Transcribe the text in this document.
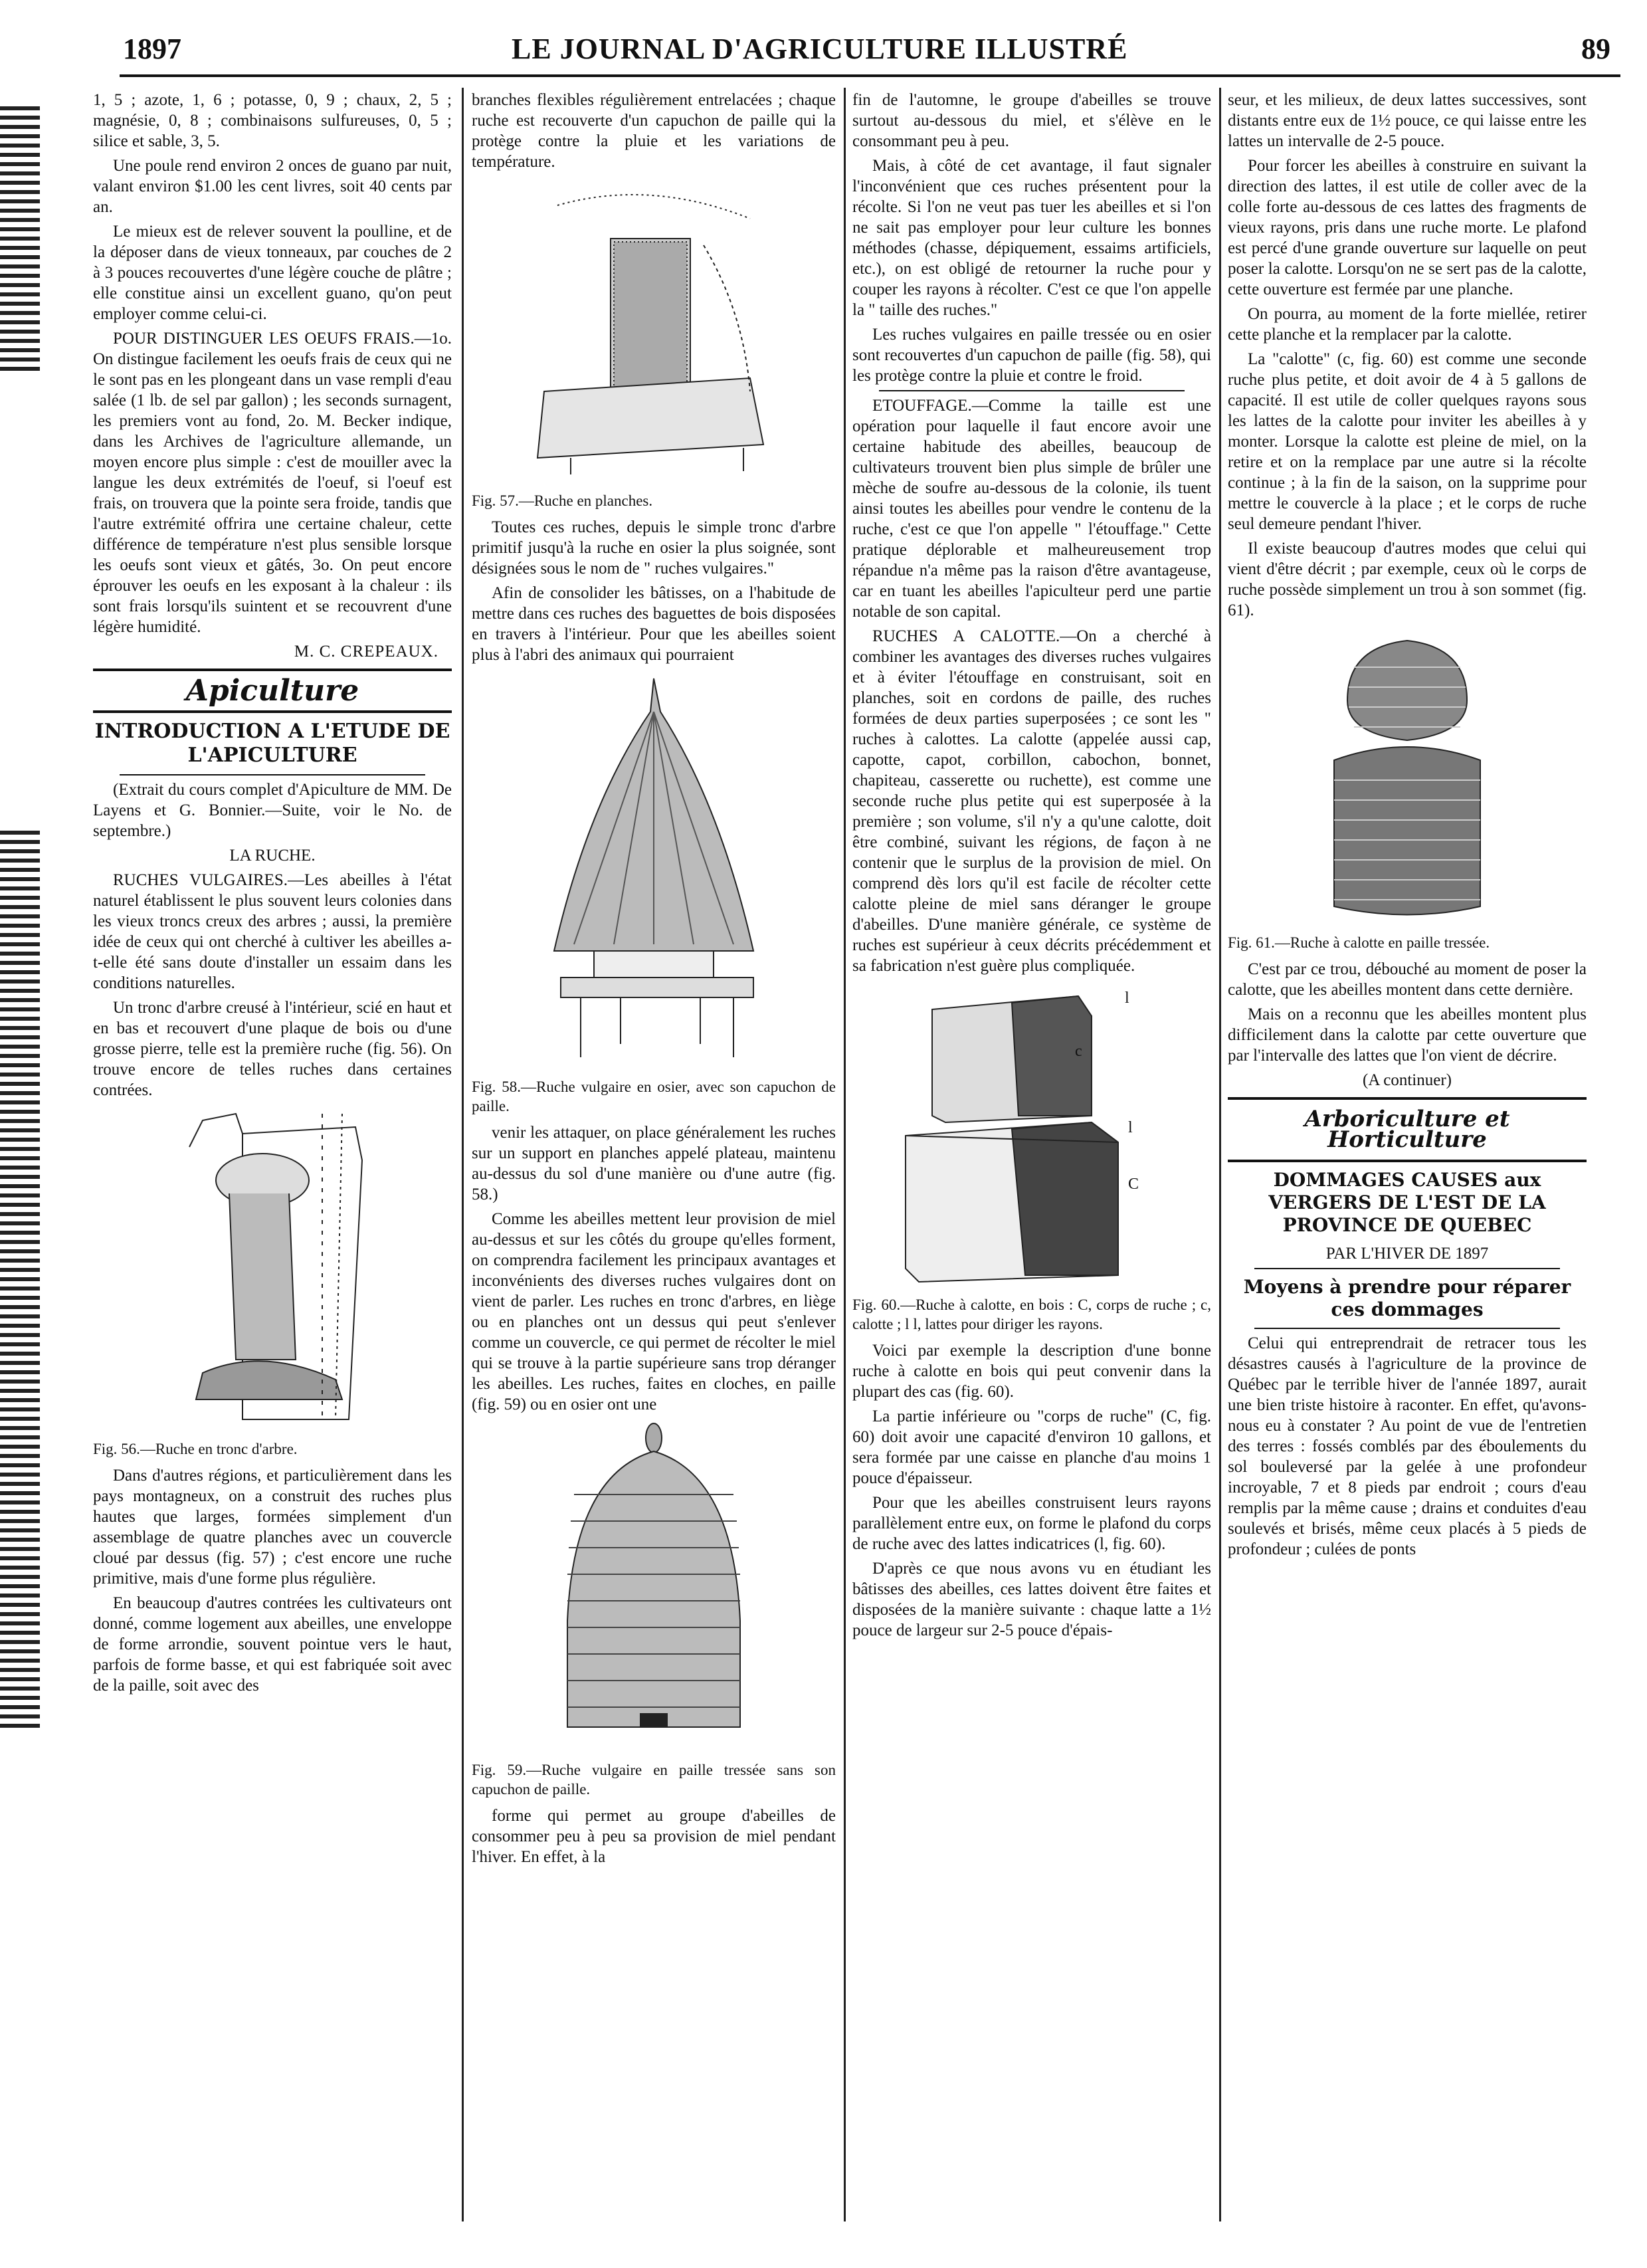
1897	LE JOURNAL D'AGRICULTURE ILLUSTRÉ	89

1, 5 ; azote, 1, 6 ; potasse, 0, 9 ; chaux, 2, 5 ; magnésie, 0, 8 ; combinaisons sulfureuses, 0, 5 ; silice et sable, 3, 5.

Une poule rend environ 2 onces de guano par nuit, valant environ $1.00 les cent livres, soit 40 cents par an.

Le mieux est de relever souvent la poulline, et de la déposer dans de vieux tonneaux, par couches de 2 à 3 pouces recouvertes d'une légère couche de plâtre ; elle constitue ainsi un excellent guano, qu'on peut employer comme celui-ci.

POUR DISTINGUER LES OEUFS FRAIS.—1o. On distingue facilement les oeufs frais de ceux qui ne le sont pas en les plongeant dans un vase rempli d'eau salée (1 lb. de sel par gallon) ; les seconds surnagent, les premiers vont au fond, 2o. M. Becker indique, dans les Archives de l'agriculture allemande, un moyen encore plus simple : c'est de mouiller avec la langue les deux extrémités de l'oeuf, si l'oeuf est frais, on trouvera que la pointe sera froide, tandis que l'autre extrémité offrira une certaine chaleur, cette différence de température n'est plus sensible lorsque les oeufs sont vieux et gâtés, 3o. On peut encore éprouver les oeufs en les exposant à la chaleur : ils sont frais lorsqu'ils suintent et se recouvrent d'une légère humidité.

M. C. CREPEAUX.

Apiculture
INTRODUCTION A L'ETUDE DE L'APICULTURE

(Extrait du cours complet d'Apiculture de MM. De Layens et G. Bonnier.—Suite, voir le No. de septembre.)

LA RUCHE.

RUCHES VULGAIRES.—Les abeilles à l'état naturel établissent le plus souvent leurs colonies dans les vieux troncs creux des arbres ; aussi, la première idée de ceux qui ont cherché à cultiver les abeilles a-t-elle été sans doute d'installer un essaim dans les conditions naturelles.

Un tronc d'arbre creusé à l'intérieur, scié en haut et en bas et recouvert d'une plaque de bois ou d'une grosse pierre, telle est la première ruche (fig. 56). On trouve encore de telles ruches dans certaines contrées.

Fig. 56.—Ruche en tronc d'arbre.

Dans d'autres régions, et particulièrement dans les pays montagneux, on a construit des ruches plus hautes que larges, formées simplement d'un assemblage de quatre planches avec un couvercle cloué par dessus (fig. 57) ; c'est encore une ruche primitive, mais d'une forme plus régulière.

En beaucoup d'autres contrées les cultivateurs ont donné, comme logement aux abeilles, une enveloppe de forme arrondie, souvent pointue vers le haut, parfois de forme basse, et qui est fabriquée soit avec de la paille, soit avec des

branches flexibles régulièrement entrelacées ; chaque ruche est recouverte d'un capuchon de paille qui la protège contre la pluie et les variations de température.

Fig. 57.—Ruche en planches.

Toutes ces ruches, depuis le simple tronc d'arbre primitif jusqu'à la ruche en osier la plus soignée, sont désignées sous le nom de " ruches vulgaires."

Afin de consolider les bâtisses, on a l'habitude de mettre dans ces ruches des baguettes de bois disposées en travers à l'intérieur. Pour que les abeilles soient plus à l'abri des animaux qui pourraient

Fig. 58.—Ruche vulgaire en osier, avec son capuchon de paille.

venir les attaquer, on place généralement les ruches sur un support en planches appelé plateau, maintenu au-dessus du sol d'une manière ou d'une autre (fig. 58.)

Comme les abeilles mettent leur provision de miel au-dessus et sur les côtés du groupe qu'elles forment, on comprendra facilement les principaux avantages et inconvénients des diverses ruches vulgaires dont on vient de parler. Les ruches en tronc d'arbres, en liège ou en planches ont un dessus qui peut s'enlever comme un couvercle, ce qui permet de récolter le miel qui se trouve à la partie supérieure sans trop déranger les abeilles. Les ruches, faites en cloches, en paille (fig. 59) ou en osier ont une

Fig. 59.—Ruche vulgaire en paille tressée sans son capuchon de paille.

forme qui permet au groupe d'abeilles de consommer peu à peu sa provision de miel pendant l'hiver. En effet, à la

fin de l'automne, le groupe d'abeilles se trouve surtout au-dessous du miel, et s'élève en le consommant peu à peu.

Mais, à côté de cet avantage, il faut signaler l'inconvénient que ces ruches présentent pour la récolte. Si l'on ne veut pas tuer les abeilles et si l'on ne sait pas employer pour leur culture les bonnes méthodes (chasse, dépiquement, essaims artificiels, etc.), on est obligé de retourner la ruche pour y couper les rayons à récolter. C'est ce que l'on appelle la " taille des ruches."

Les ruches vulgaires en paille tressée ou en osier sont recouvertes d'un capuchon de paille (fig. 58), qui les protège contre la pluie et contre le froid.

ETOUFFAGE.—Comme la taille est une opération pour laquelle il faut encore avoir une certaine habitude des abeilles, beaucoup de cultivateurs trouvent bien plus simple de brûler une mèche de soufre au-dessous de la colonie, ils tuent ainsi toutes les abeilles pour vendre le contenu de la ruche, c'est ce que l'on appelle " l'étouffage." Cette pratique déplorable et malheureusement trop répandue n'a même pas la raison d'être avantageuse, car en tuant les abeilles l'apiculteur perd une partie notable de son capital.

RUCHES A CALOTTE.—On a cherché à combiner les avantages des diverses ruches vulgaires et à éviter l'étouffage en construisant, soit en planches, soit en cordons de paille, des ruches formées de deux parties superposées ; ce sont les " ruches à calottes. La calotte (appelée aussi cap, capotte, capot, corbillon, cabochon, bonnet, chapiteau, casserette ou ruchette), est comme une seconde ruche plus petite qui est superposée à la première ; son volume, s'il n'y a qu'une calotte, doit être combiné, suivant les régions, de façon à ne contenir que le surplus de la provision de miel. On comprend dès lors qu'il est facile de récolter cette calotte pleine de miel sans déranger le groupe d'abeilles. D'une manière générale, ce système de ruches est supérieur à ceux décrits précédemment et sa fabrication n'est guère plus compliquée.

l
c
l
C

Fig. 60.—Ruche à calotte, en bois : C, corps de ruche ; c, calotte ; l l, lattes pour diriger les rayons.

Voici par exemple la description d'une bonne ruche à calotte en bois qui peut convenir dans la plupart des cas (fig. 60).

La partie inférieure ou "corps de ruche" (C, fig. 60) doit avoir une capacité d'environ 10 gallons, et sera formée par une caisse en planche d'au moins 1 pouce d'épaisseur.

Pour que les abeilles construisent leurs rayons parallèlement entre eux, on forme le plafond du corps de ruche avec des lattes indicatrices (l, fig. 60).

D'après ce que nous avons vu en étudiant les bâtisses des abeilles, ces lattes doivent être faites et disposées de la manière suivante : chaque latte a 1½ pouce de largeur sur 2-5 pouce d'épais-

seur, et les milieux, de deux lattes successives, sont distants entre eux de 1½ pouce, ce qui laisse entre les lattes un intervalle de 2-5 pouce.

Pour forcer les abeilles à construire en suivant la direction des lattes, il est utile de coller avec de la colle forte au-dessous de ces lattes des fragments de vieux rayons, pris dans une ruche morte. Le plafond est percé d'une grande ouverture sur laquelle on peut poser la calotte. Lorsqu'on ne se sert pas de la calotte, cette ouverture est fermée par une planche.

On pourra, au moment de la forte miellée, retirer cette planche et la remplacer par la calotte.

La "calotte" (c, fig. 60) est comme une seconde ruche plus petite, et doit avoir de 4 à 5 gallons de capacité. Il est utile de coller quelques rayons sous les lattes de la calotte pour inviter les abeilles à y monter. Lorsque la calotte est pleine de miel, on la retire et on la remplace par une autre si la récolte continue ; à la fin de la saison, on la supprime pour mettre le couvercle à la place ; et le corps de ruche seul demeure pendant l'hiver.

Il existe beaucoup d'autres modes que celui qui vient d'être décrit ; par exemple, ceux où le corps de ruche possède simplement un trou à son sommet (fig. 61).

Fig. 61.—Ruche à calotte en paille tressée.

C'est par ce trou, débouché au moment de poser la calotte, que les abeilles montent dans cette dernière.

Mais on a reconnu que les abeilles montent plus difficilement dans la calotte par cette ouverture que par l'intervalle des lattes que l'on vient de décrire.

(A continuer)

Arboriculture et Horticulture
DOMMAGES CAUSES aux VERGERS DE L'EST DE LA PROVINCE DE QUEBEC

PAR L'HIVER DE 1897

Moyens à prendre pour réparer ces dommages

Celui qui entreprendrait de retracer tous les désastres causés à l'agriculture de la province de Québec par le terrible hiver de l'année 1897, aurait une bien triste histoire à raconter. En effet, qu'avons-nous eu à constater ? Au point de vue de l'entretien des terres : fossés comblés par des éboulements du sol bouleversé par la gelée à une profondeur incroyable, 7 et 8 pieds par endroit ; cours d'eau remplis par la même cause ; drains et conduites d'eau soulevés et brisés, même ceux placés à 5 pieds de profondeur ; culées de ponts
